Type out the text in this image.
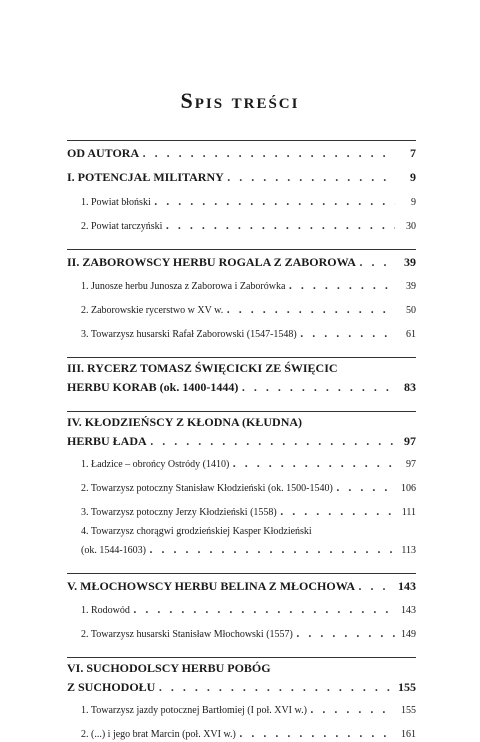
Spis treści
OD AUTORA . . .	7
I. POTENCJAŁ MILITARNY . . .	9
1. Powiat błoński . . .	9
2. Powiat tarczyński . . .	30
II. ZABOROWSCY HERBU ROGALA Z ZABOROWA . . .	39
1. Junosze herbu Junosza z Zaborowa i Zaborówka . . .	39
2. Zaborowskie rycerstwo w XV w. . . .	50
3. Towarzysz husarski Rafał Zaborowski (1547-1548) . . .	61
III. RYCERZ TOMASZ ŚWIĘCICKI ZE ŚWIĘCIC
HERBU KORAB (ok. 1400-1444) . . .	83
IV. KŁODZIEŃSCY Z KŁODNA (KŁUDNA)
HERBU ŁADA . . .	97
1. Ładzice – obrońcy Ostródy (1410) . . .	97
2. Towarzysz potoczny Stanisław Kłodzieński (ok. 1500-1540) . . .	106
3. Towarzysz potoczny Jerzy Kłodzieński (1558) . . .	111
4. Towarzysz chorągwi grodzieńskiej Kasper Kłodzieński
(ok. 1544-1603) . . .	113
V. MŁOCHOWSCY HERBU BELINA Z MŁOCHOWA . . .	143
1. Rodowód . . .	143
2. Towarzysz husarski Stanisław Młochowski (1557) . . .	149
VI. SUCHODOLSCY HERBU POBÓG
Z SUCHODOŁU . . .	155
1. Towarzysz jazdy potocznej Bartłomiej (I poł. XVI w.) . . .	155
2. (...) i jego brat Marcin (poł. XVI w.) . . .	161
